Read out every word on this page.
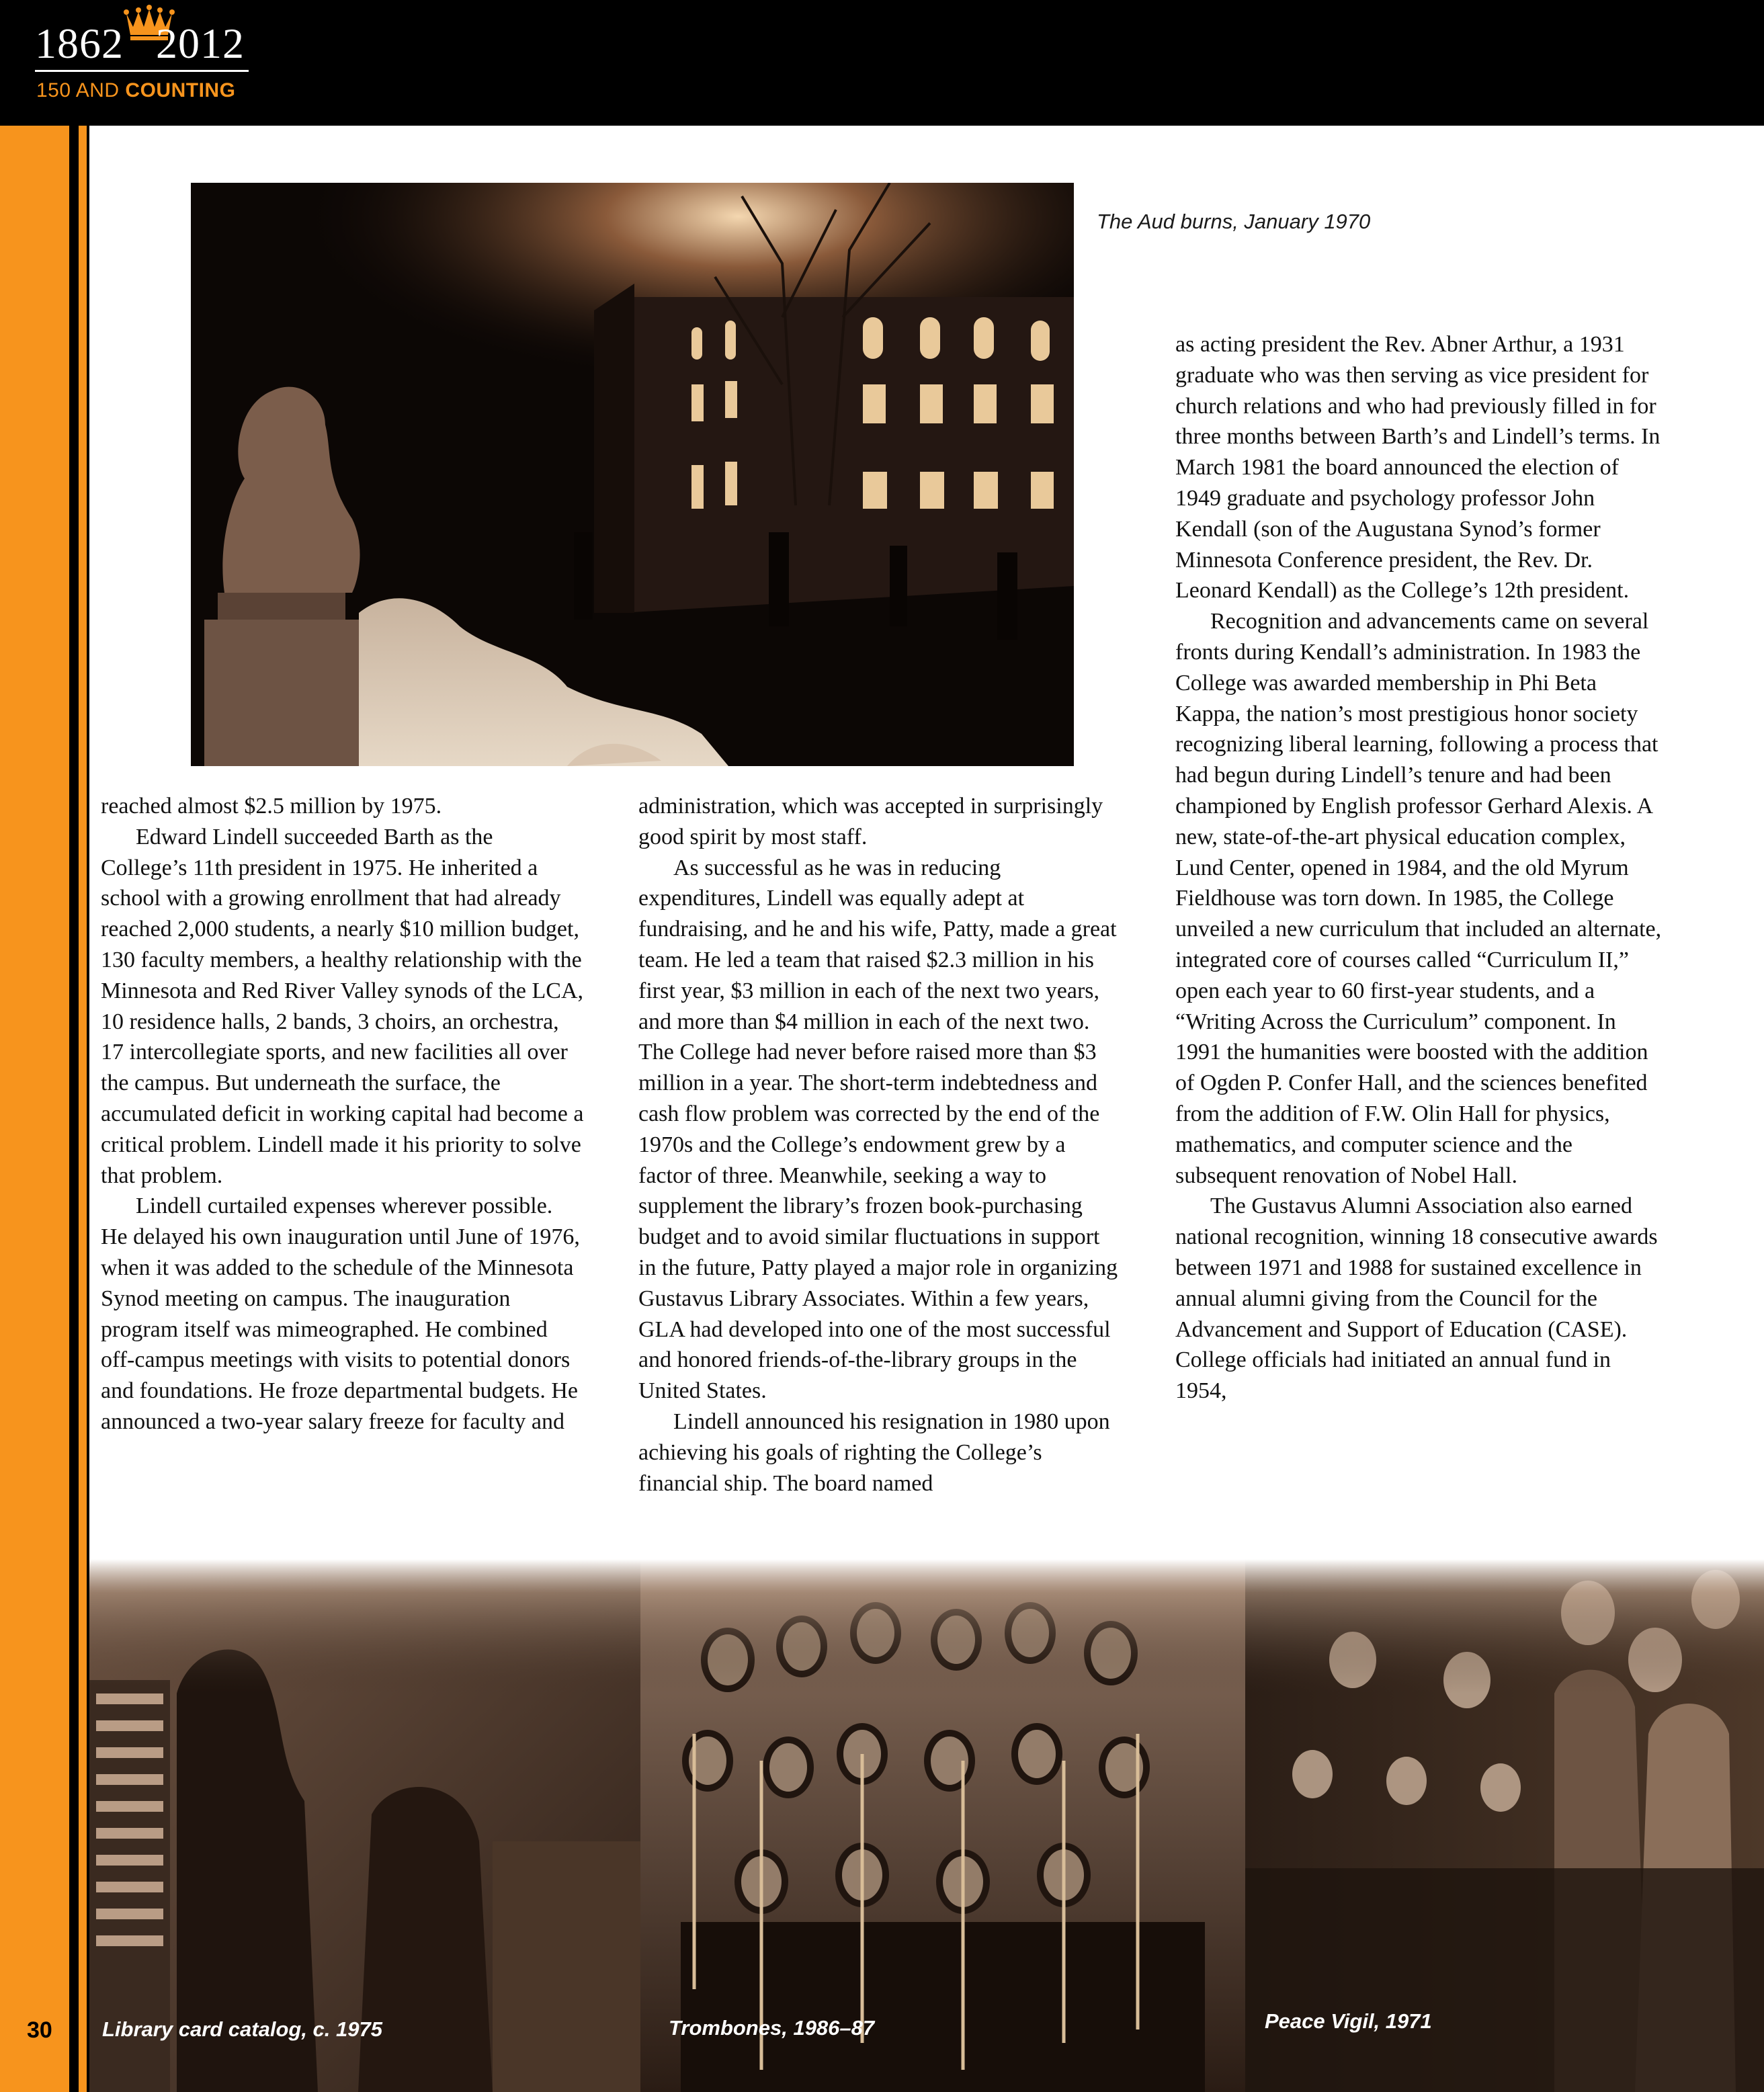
1862 2012
150 AND COUNTING
The Aud burns, January 1970

reached almost $2.5 million by 1975.

Edward Lindell succeeded Barth as the College’s 11th president in 1975. He inherited a school with a growing enrollment that had already reached 2,000 students, a nearly $10 million budget, 130 faculty members, a healthy relationship with the Minnesota and Red River Valley synods of the LCA, 10 residence halls, 2 bands, 3 choirs, an orchestra, 17 intercollegiate sports, and new facilities all over the campus. But underneath the surface, the accumulated deficit in working capital had become a critical problem. Lindell made it his priority to solve that problem.

Lindell curtailed expenses wherever possible. He delayed his own inauguration until June of 1976, when it was added to the schedule of the Minnesota Synod meeting on campus. The inauguration program itself was mimeographed. He combined off-campus meetings with visits to potential donors and foundations. He froze departmental budgets. He announced a two-year salary freeze for faculty and

administration, which was accepted in surprisingly good spirit by most staff.

As successful as he was in reducing expenditures, Lindell was equally adept at fundraising, and he and his wife, Patty, made a great team. He led a team that raised $2.3 million in his first year, $3 million in each of the next two years, and more than $4 million in each of the next two. The College had never before raised more than $3 million in a year. The short-term indebtedness and cash flow problem was corrected by the end of the 1970s and the College’s endowment grew by a factor of three. Meanwhile, seeking a way to supplement the library’s frozen book-purchasing budget and to avoid similar fluctuations in support in the future, Patty played a major role in organizing Gustavus Library Associates. Within a few years, GLA had developed into one of the most successful and honored friends-of-the-library groups in the United States.

Lindell announced his resignation in 1980 upon achieving his goals of righting the College’s financial ship. The board named

as acting president the Rev. Abner Arthur, a 1931 graduate who was then serving as vice president for church relations and who had previously filled in for three months between Barth’s and Lindell’s terms. In March 1981 the board announced the election of 1949 graduate and psychology professor John Kendall (son of the Augustana Synod’s former Minnesota Conference president, the Rev. Dr. Leonard Kendall) as the College’s 12th president.

Recognition and advancements came on several fronts during Kendall’s administration. In 1983 the College was awarded membership in Phi Beta Kappa, the nation’s most prestigious honor society recognizing liberal learning, following a process that had begun during Lindell’s tenure and had been championed by English professor Gerhard Alexis. A new, state-of-the-art physical education complex, Lund Center, opened in 1984, and the old Myrum Fieldhouse was torn down. In 1985, the College unveiled a new curriculum that included an alternate, integrated core of courses called “Curriculum II,” open each year to 60 first-year students, and a “Writing Across the Curriculum” component. In 1991 the humanities were boosted with the addition of Ogden P. Confer Hall, and the sciences benefited from the addition of F.W. Olin Hall for physics, mathematics, and computer science and the subsequent renovation of Nobel Hall.

The Gustavus Alumni Association also earned national recognition, winning 18 consecutive awards between 1971 and 1988 for sustained excellence in annual alumni giving from the Council for the Advancement and Support of Education (CASE). College officials had initiated an annual fund in 1954,

30 Library card catalog, c. 1975	Trombones, 1986–87	Peace Vigil, 1971
